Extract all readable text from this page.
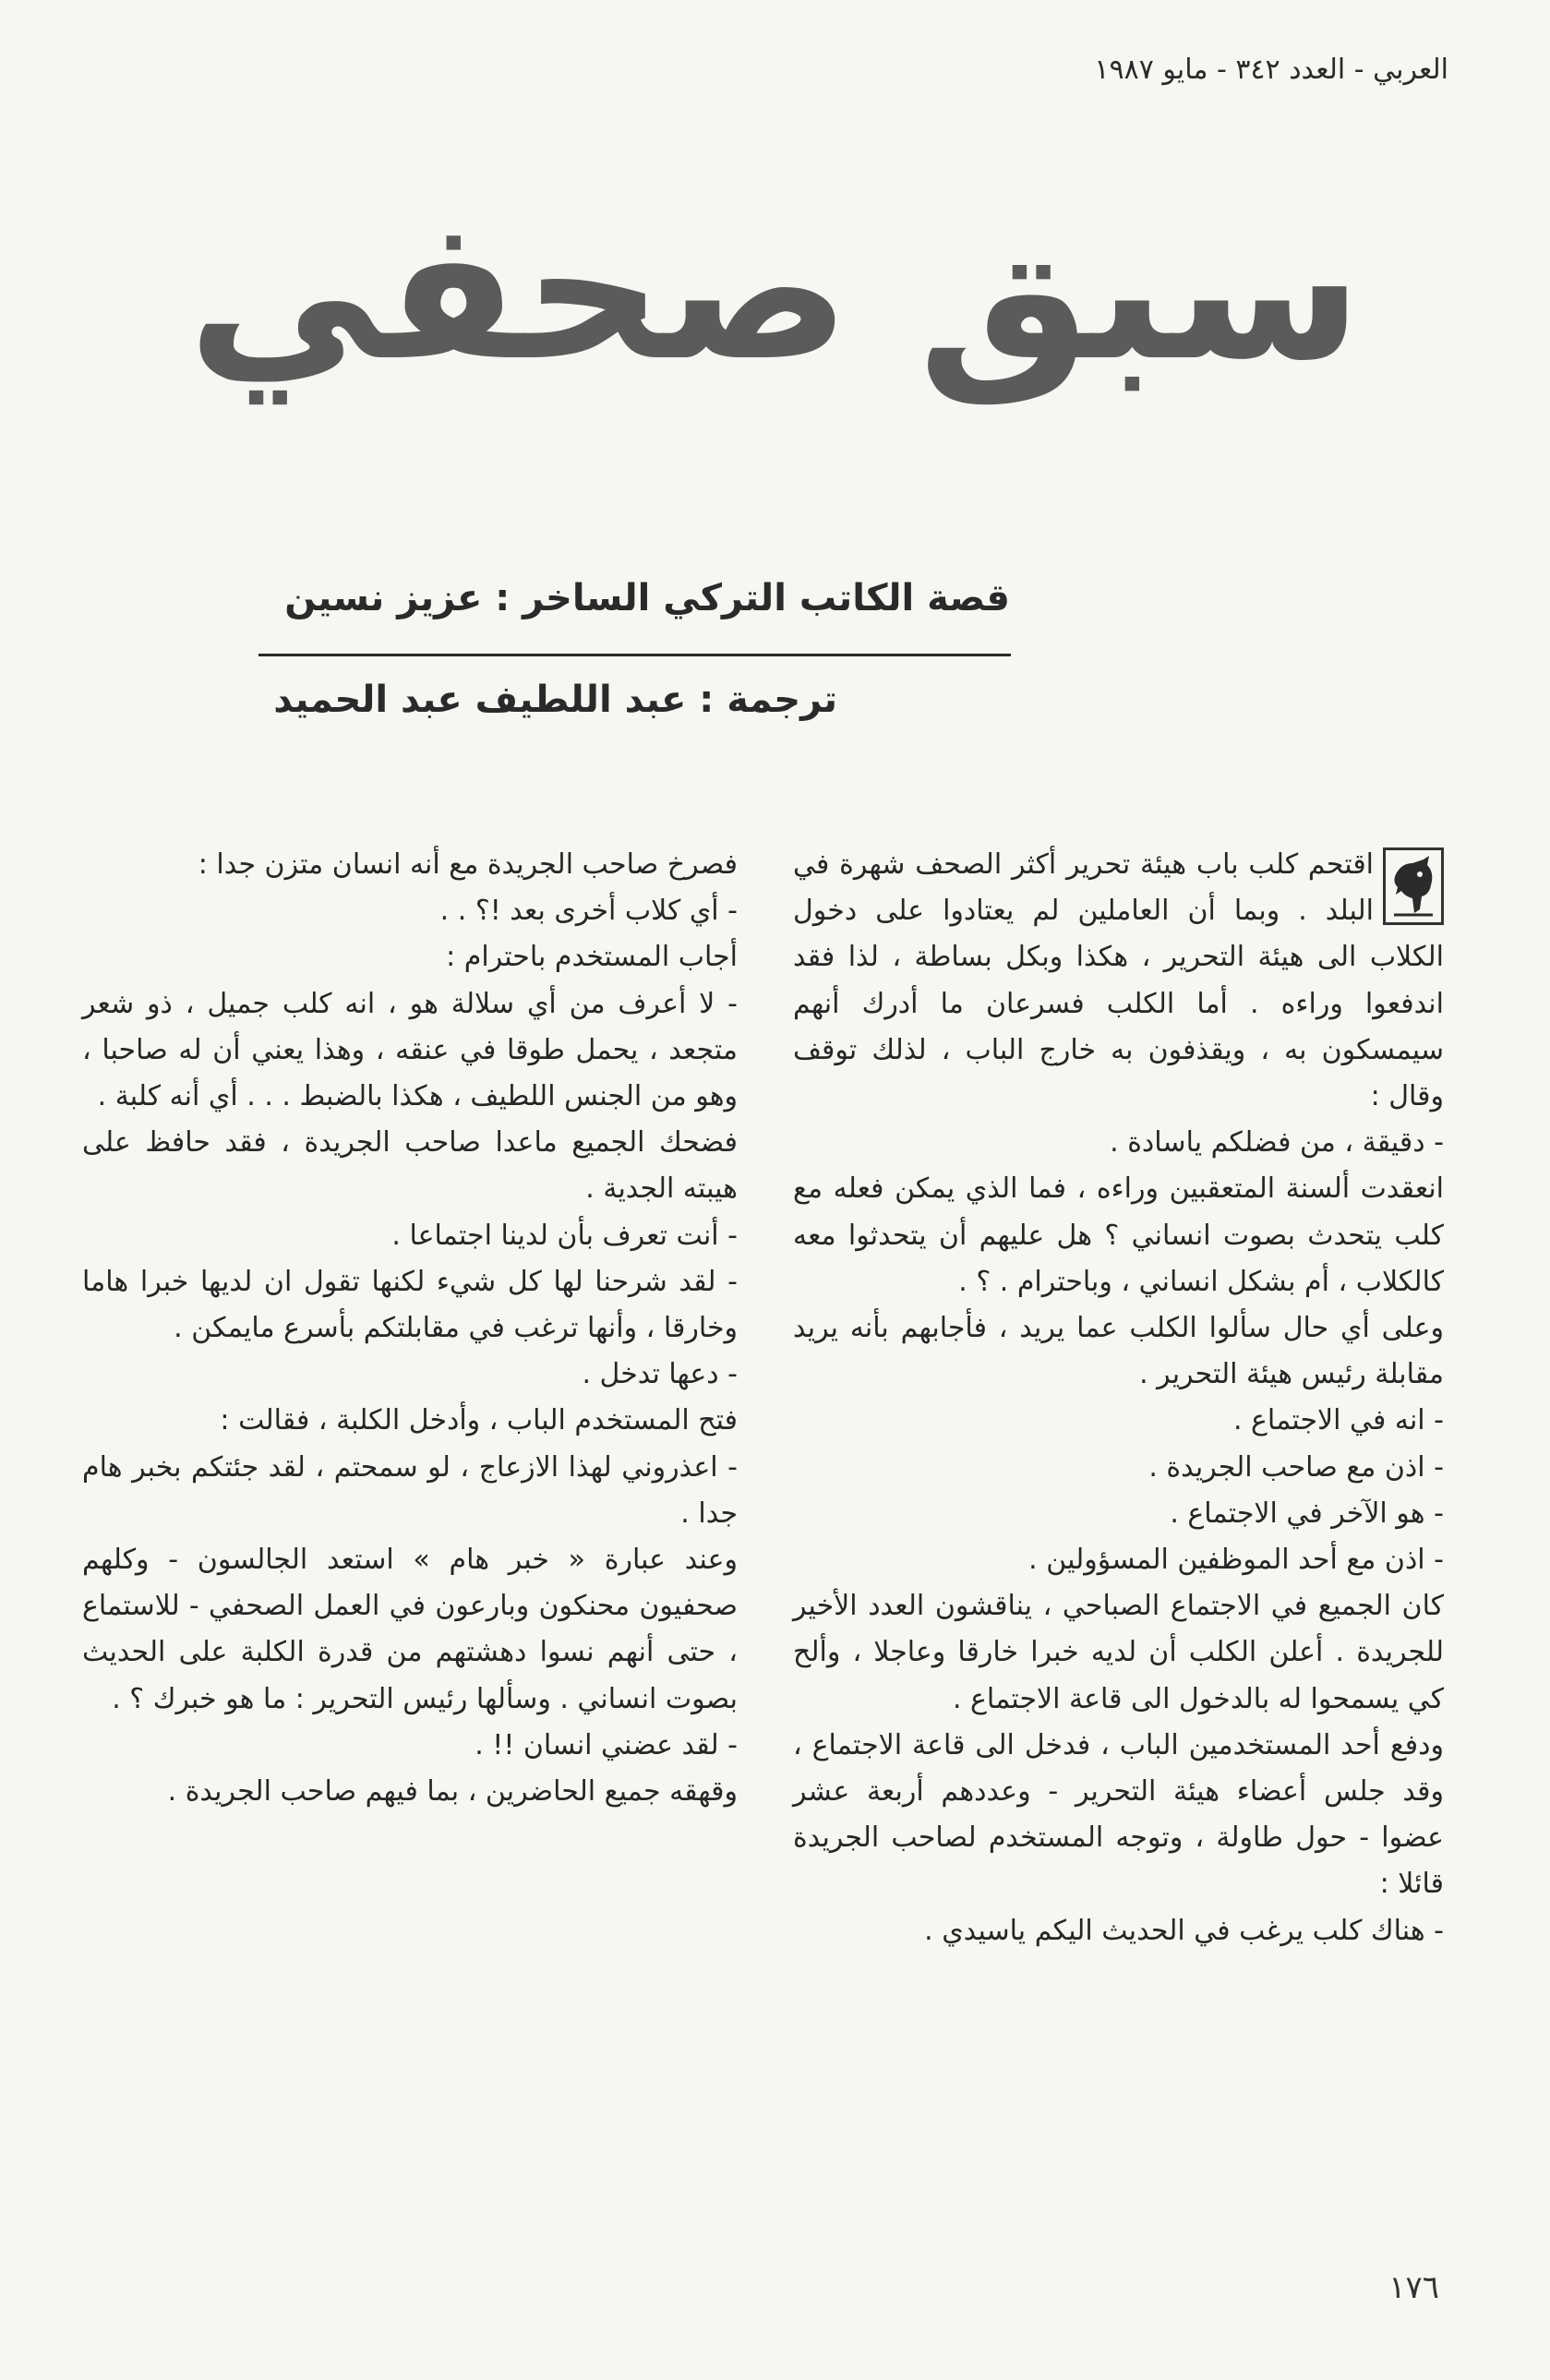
العربي - العدد ٣٤٢ - مايو ١٩٨٧
سبق صحفي
قصة الكاتب التركي الساخر : عزيز نسين
ترجمة : عبد اللطيف عبد الحميد

اقتحم كلب باب هيئة تحرير أكثر الصحف شهرة في البلد . وبما أن العاملين لم يعتادوا على دخول الكلاب الى هيئة التحرير ، هكذا وبكل بساطة ، لذا فقد اندفعوا وراءه . أما الكلب فسرعان ما أدرك أنهم سيمسكون به ، ويقذفون به خارج الباب ، لذلك توقف وقال :

- دقيقة ، من فضلكم ياسادة .

انعقدت ألسنة المتعقبين وراءه ، فما الذي يمكن فعله مع كلب يتحدث بصوت انساني ؟ هل عليهم أن يتحدثوا معه كالكلاب ، أم بشكل انساني ، وباحترام . ؟ .

وعلى أي حال سألوا الكلب عما يريد ، فأجابهم بأنه يريد مقابلة رئيس هيئة التحرير .

- انه في الاجتماع .

- اذن مع صاحب الجريدة .

- هو الآخر في الاجتماع .

- اذن مع أحد الموظفين المسؤولين .

كان الجميع في الاجتماع الصباحي ، يناقشون العدد الأخير للجريدة . أعلن الكلب أن لديه خبرا خارقا وعاجلا ، وألح كي يسمحوا له بالدخول الى قاعة الاجتماع .

ودفع أحد المستخدمين الباب ، فدخل الى قاعة الاجتماع ، وقد جلس أعضاء هيئة التحرير - وعددهم أربعة عشر عضوا - حول طاولة ، وتوجه المستخدم لصاحب الجريدة قائلا :

- هناك كلب يرغب في الحديث اليكم ياسيدي .

فصرخ صاحب الجريدة مع أنه انسان متزن جدا :

- أي كلاب أخرى بعد !؟ . .

أجاب المستخدم باحترام :

- لا أعرف من أي سلالة هو ، انه كلب جميل ، ذو شعر متجعد ، يحمل طوقا في عنقه ، وهذا يعني أن له صاحبا ، وهو من الجنس اللطيف ، هكذا بالضبط . . . أي أنه كلبة .

فضحك الجميع ماعدا صاحب الجريدة ، فقد حافظ على هيبته الجدية .

- أنت تعرف بأن لدينا اجتماعا .

- لقد شرحنا لها كل شيء لكنها تقول ان لديها خبرا هاما وخارقا ، وأنها ترغب في مقابلتكم بأسرع مايمكن .

- دعها تدخل .

فتح المستخدم الباب ، وأدخل الكلبة ، فقالت :

- اعذروني لهذا الازعاج ، لو سمحتم ، لقد جئتكم بخبر هام جدا .

وعند عبارة « خبر هام » استعد الجالسون - وكلهم صحفيون محنكون وبارعون في العمل الصحفي - للاستماع ، حتى أنهم نسوا دهشتهم من قدرة الكلبة على الحديث بصوت انساني . وسألها رئيس التحرير : ما هو خبرك ؟ .

- لقد عضني انسان !! .

وقهقه جميع الحاضرين ، بما فيهم صاحب الجريدة .

١٧٦
